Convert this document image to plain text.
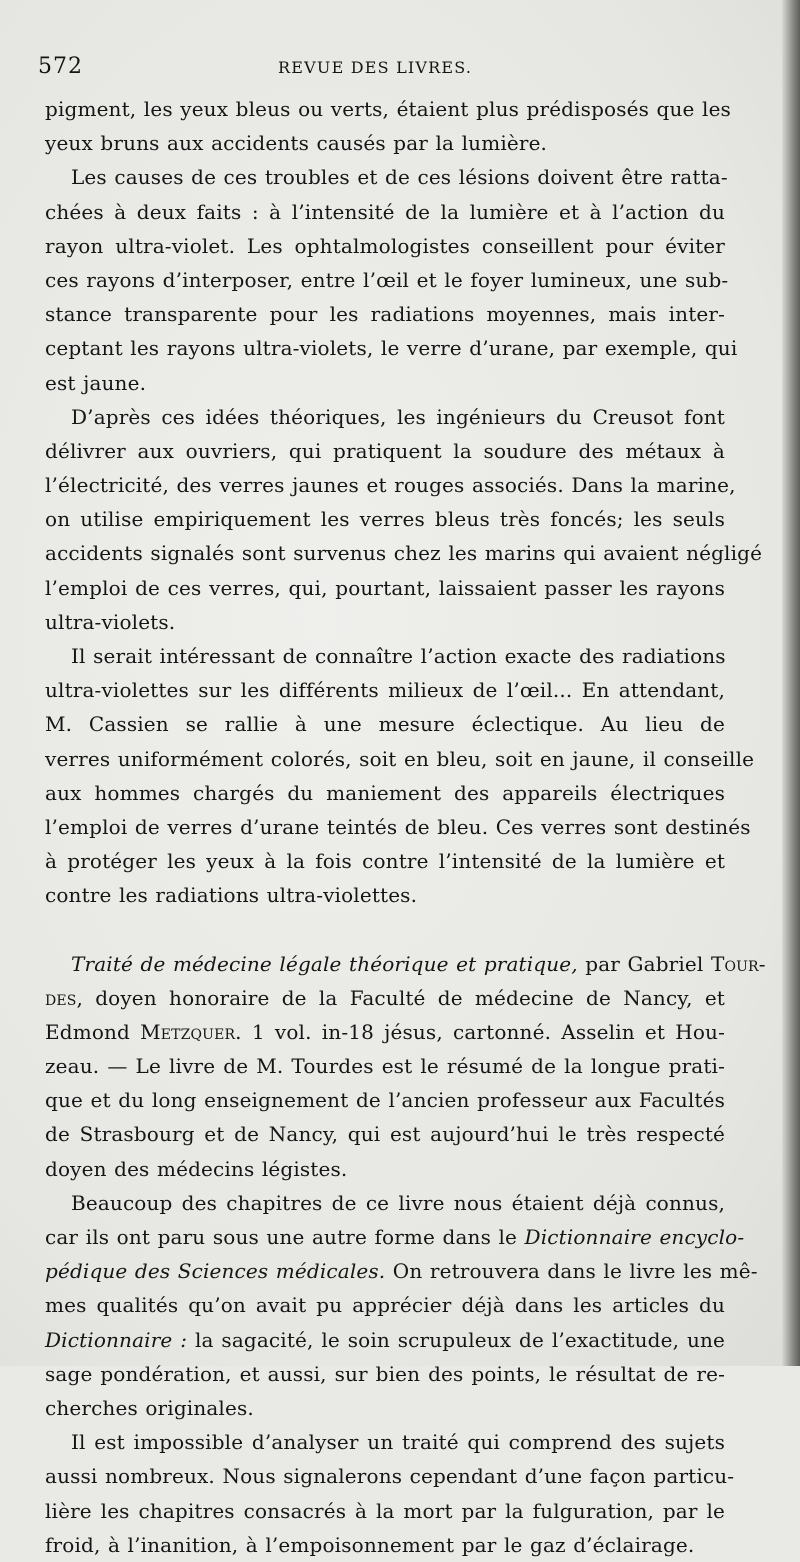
572	REVUE DES LIVRES.
pigment, les yeux bleus ou verts, étaient plus prédisposés que les
yeux bruns aux accidents causés par la lumière.
Les causes de ces troubles et de ces lésions doivent être ratta-
chées à deux faits : à l’intensité de la lumière et à l’action du
rayon ultra-violet. Les ophtalmologistes conseillent pour éviter
ces rayons d’interposer, entre l’œil et le foyer lumineux, une sub-
stance transparente pour les radiations moyennes, mais inter-
ceptant les rayons ultra-violets, le verre d’urane, par exemple, qui
est jaune.
D’après ces idées théoriques, les ingénieurs du Creusot font
délivrer aux ouvriers, qui pratiquent la soudure des métaux à
l’électricité, des verres jaunes et rouges associés. Dans la marine,
on utilise empiriquement les verres bleus très foncés; les seuls
accidents signalés sont survenus chez les marins qui avaient négligé
l’emploi de ces verres, qui, pourtant, laissaient passer les rayons
ultra-violets.
Il serait intéressant de connaître l’action exacte des radiations
ultra-violettes sur les différents milieux de l’œil... En attendant,
M. Cassien se rallie à une mesure éclectique. Au lieu de
verres uniformément colorés, soit en bleu, soit en jaune, il conseille
aux hommes chargés du maniement des appareils électriques
l’emploi de verres d’urane teintés de bleu. Ces verres sont destinés
à protéger les yeux à la fois contre l’intensité de la lumière et
contre les radiations ultra-violettes.
Traité de médecine légale théorique et pratique, par Gabriel Tour-
des, doyen honoraire de la Faculté de médecine de Nancy, et
Edmond Metzquer. 1 vol. in-18 jésus, cartonné. Asselin et Hou-
zeau. — Le livre de M. Tourdes est le résumé de la longue prati-
que et du long enseignement de l’ancien professeur aux Facultés
de Strasbourg et de Nancy, qui est aujourd’hui le très respecté
doyen des médecins légistes.
Beaucoup des chapitres de ce livre nous étaient déjà connus,
car ils ont paru sous une autre forme dans le Dictionnaire encyclo-
pédique des Sciences médicales. On retrouvera dans le livre les mê-
mes qualités qu’on avait pu apprécier déjà dans les articles du
Dictionnaire : la sagacité, le soin scrupuleux de l’exactitude, une
sage pondération, et aussi, sur bien des points, le résultat de re-
cherches originales.
Il est impossible d’analyser un traité qui comprend des sujets
aussi nombreux. Nous signalerons cependant d’une façon particu-
lière les chapitres consacrés à la mort par la fulguration, par le
froid, à l’inanition, à l’empoisonnement par le gaz d’éclairage.
